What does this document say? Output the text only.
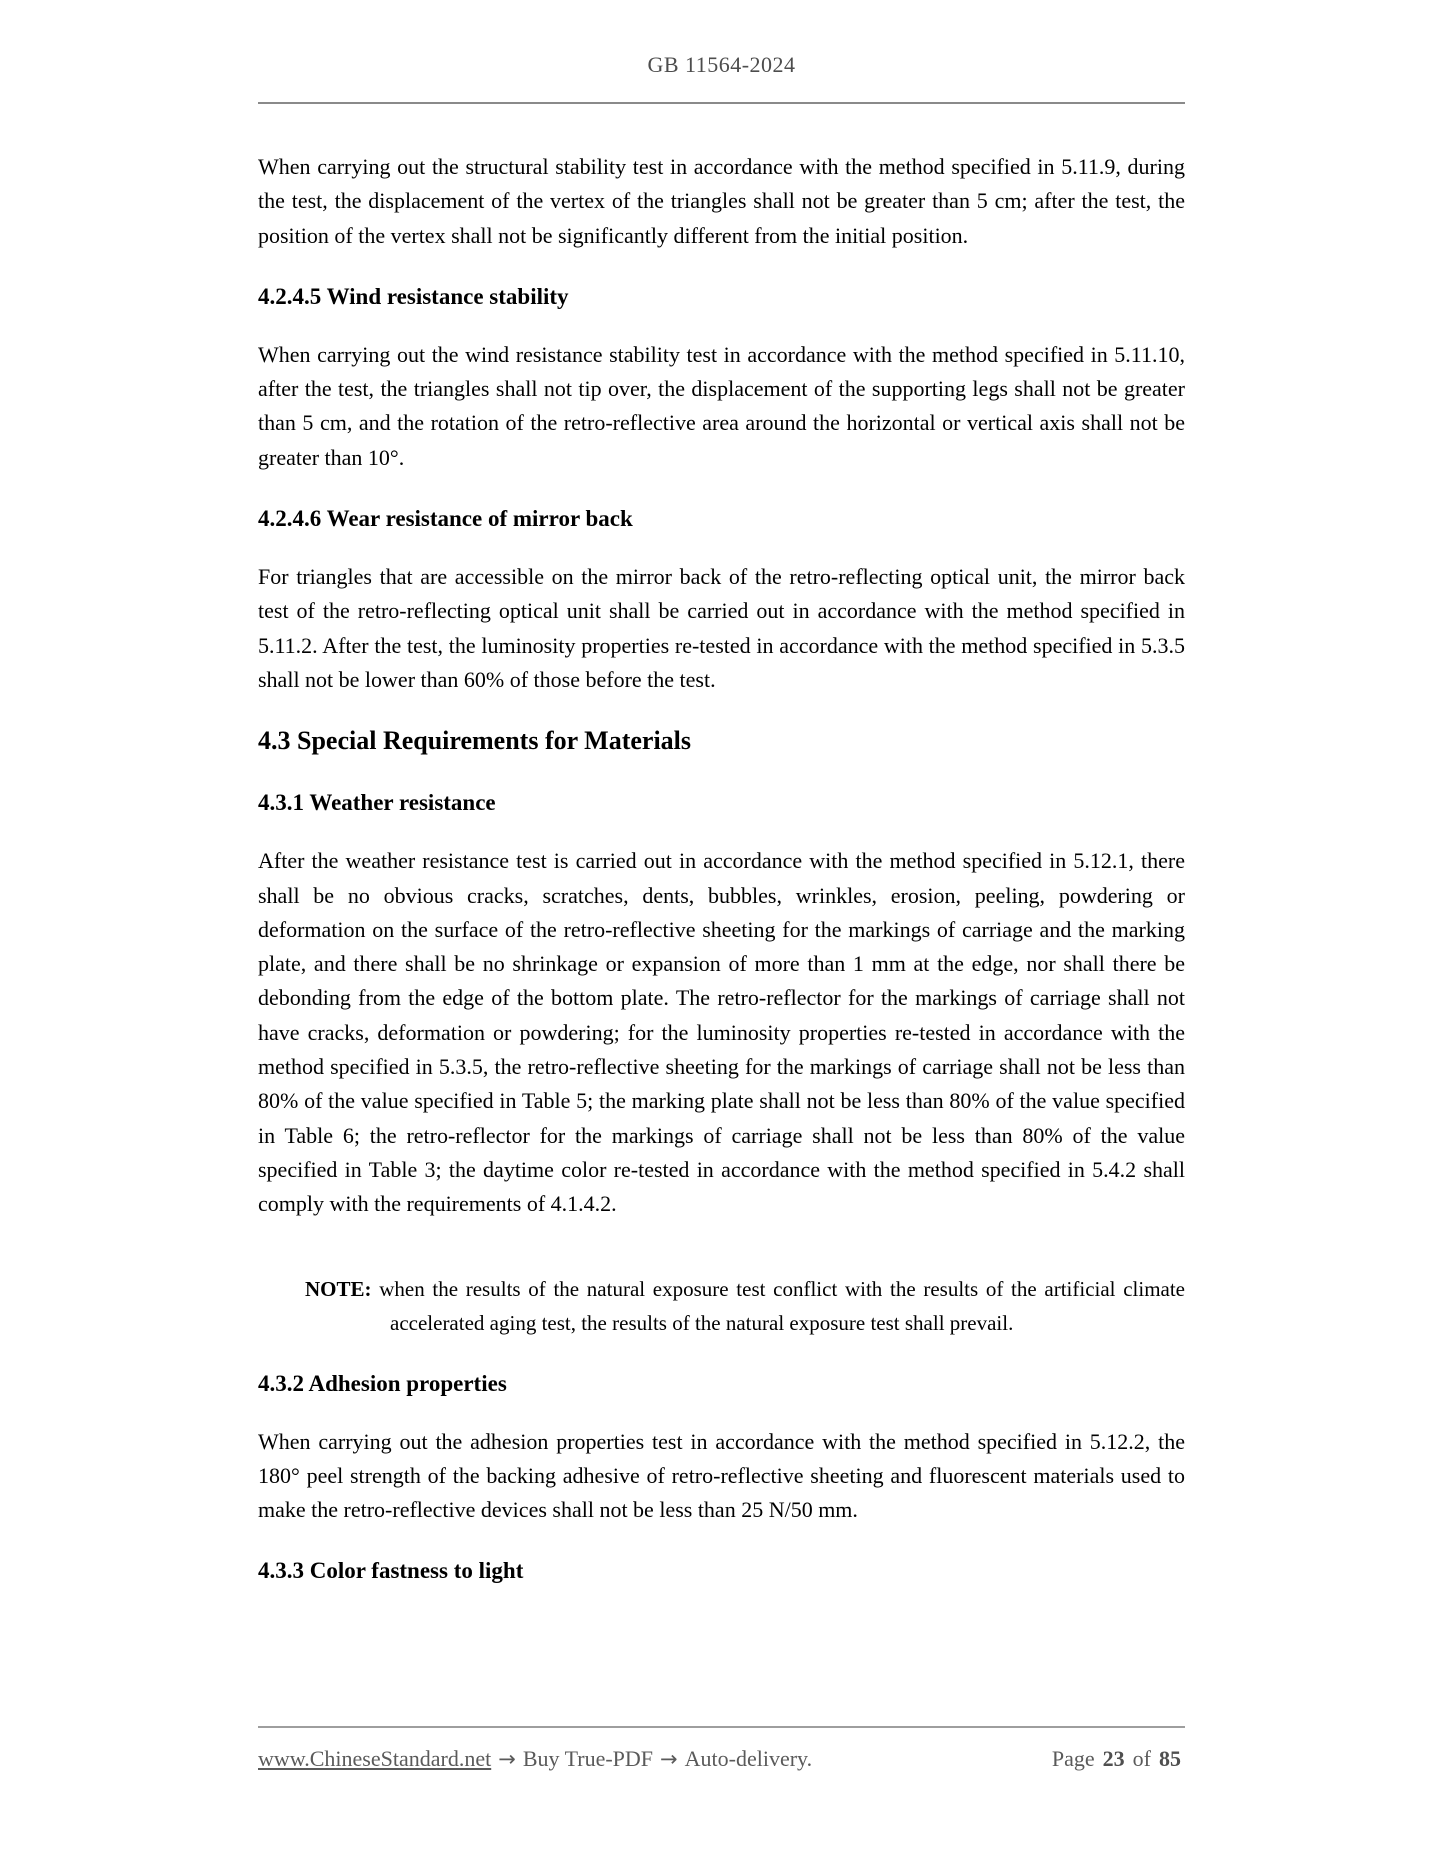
GB 11564-2024

When carrying out the structural stability test in accordance with the method specified in 5.11.9, during the test, the displacement of the vertex of the triangles shall not be greater than 5 cm; after the test, the position of the vertex shall not be significantly different from the initial position.

4.2.4.5 Wind resistance stability

When carrying out the wind resistance stability test in accordance with the method specified in 5.11.10, after the test, the triangles shall not tip over, the displacement of the supporting legs shall not be greater than 5 cm, and the rotation of the retro-reflective area around the horizontal or vertical axis shall not be greater than 10°.

4.2.4.6 Wear resistance of mirror back

For triangles that are accessible on the mirror back of the retro-reflecting optical unit, the mirror back test of the retro-reflecting optical unit shall be carried out in accordance with the method specified in 5.11.2. After the test, the luminosity properties re-tested in accordance with the method specified in 5.3.5 shall not be lower than 60% of those before the test.

4.3 Special Requirements for Materials
4.3.1 Weather resistance

After the weather resistance test is carried out in accordance with the method specified in 5.12.1, there shall be no obvious cracks, scratches, dents, bubbles, wrinkles, erosion, peeling, powdering or deformation on the surface of the retro-reflective sheeting for the markings of carriage and the marking plate, and there shall be no shrinkage or expansion of more than 1 mm at the edge, nor shall there be debonding from the edge of the bottom plate. The retro-reflector for the markings of carriage shall not have cracks, deformation or powdering; for the luminosity properties re-tested in accordance with the method specified in 5.3.5, the retro-reflective sheeting for the markings of carriage shall not be less than 80% of the value specified in Table 5; the marking plate shall not be less than 80% of the value specified in Table 6; the retro-reflector for the markings of carriage shall not be less than 80% of the value specified in Table 3; the daytime color re-tested in accordance with the method specified in 5.4.2 shall comply with the requirements of 4.1.4.2.

NOTE: when the results of the natural exposure test conflict with the results of the artificial climate accelerated aging test, the results of the natural exposure test shall prevail.

4.3.2 Adhesion properties

When carrying out the adhesion properties test in accordance with the method specified in 5.12.2, the 180° peel strength of the backing adhesive of retro-reflective sheeting and fluorescent materials used to make the retro-reflective devices shall not be less than 25 N/50 mm.

4.3.3 Color fastness to light
www.ChineseStandard.net → Buy True-PDF → Auto-delivery.	Page 23 of 85
